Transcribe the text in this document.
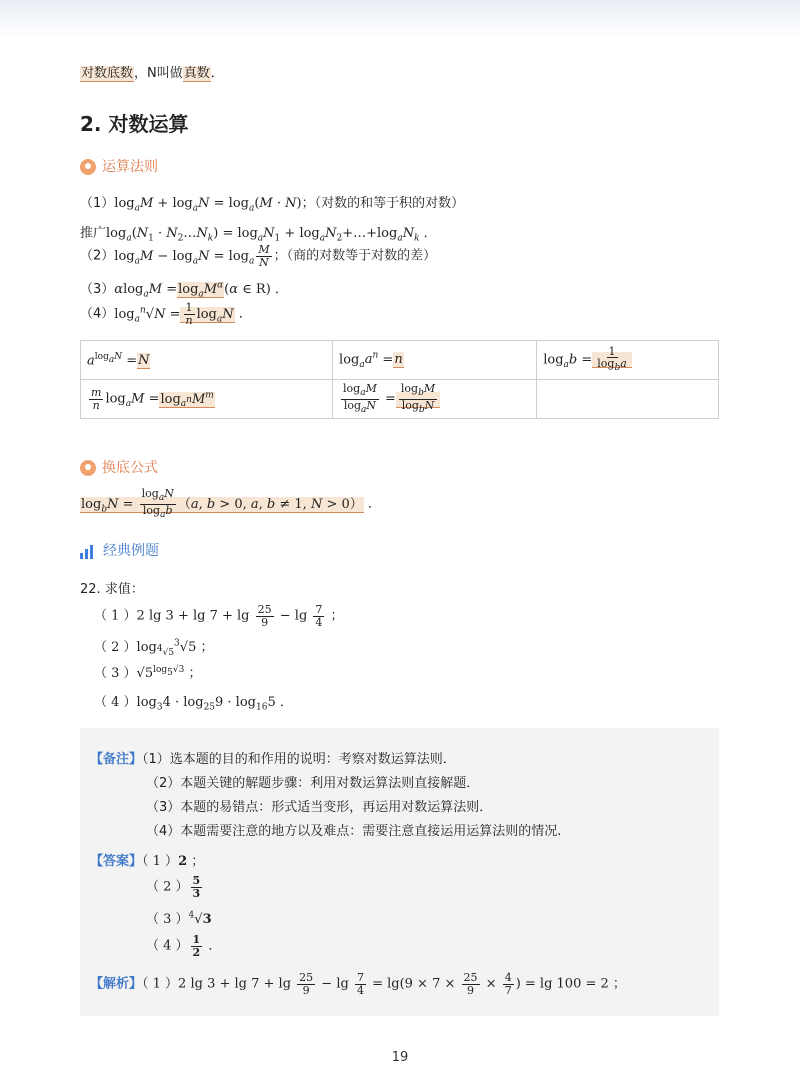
对数底数，N叫做真数．
2. 对数运算
运算法则
$(1)\log_aM + \log_aN = \log_a(M \cdot N)$；（对数的和等于积的对数）
推广$\log_a(N_1$ · $N_2\dots N_k) = \log_aN_1$ + $\log_aN_2+\dots+\log_aN_k$ ．
$(2)\log_aM - \log_aN = \log_a \frac{M}{N}$ ；（商的对数等于对数的差）
$(3)\alpha\log_aM =\log_aM^\alpha(\alpha$ ∈ R) ．
$(4)\log_a^n√N = \frac{1}{n} \log_aN$ ．
$a^{log_aN} =N$	$\log_aa^n =n$	$\log_ab = \frac{1}{\log_ba}$

$\frac{m}{n} \log_aM =\log_{a^n}M^m$	$\frac{\log_aM}{\log_aN} = \frac{\log_bM}{\log_bN}$

换底公式
$\log_bN = \frac{\log_aN}{\log_ab} (a$, b > 0, a, b ≠ 1, N > 0） ．
经典例题
22. 求值：
（ 1 ）2 $\lg 3 + \lg 7 + \lg \frac{25}{9} - \lg \frac{7}{4}$ ；
（ 2 ）$\log_{^4√5}^3√5$ ；
（ 3 ）$√5^{log_5√3}$ ；
（ 4 ）$\log_34 \cdot \log_{25}9 \cdot \log_{16}5$ ．
【备注】（1）选本题的目的和作用的说明：考察对数运算法则．
（2）本题关键的解题步骤：利用对数运算法则直接解题．
（3）本题的易错点：形式适当变形，再运用对数运算法则．
（4）本题需要注意的地方以及难点：需要注意直接运用运算法则的情况.
【答案】（ 1 ）2 ；
（ 2 ） $\frac{5}{3}$
（ 3 ）$^4$√3
（ 4 ） $\frac{1}{2}$ ．
【解析】（ 1 ）2 $\lg 3 + \lg 7 + \lg \frac{25}{9} - \lg \frac{7}{4} = \lg(9 \times 7 \times \frac{25}{9} \times \frac{4}{7}$ ) = lg 100 = 2 ；
19
